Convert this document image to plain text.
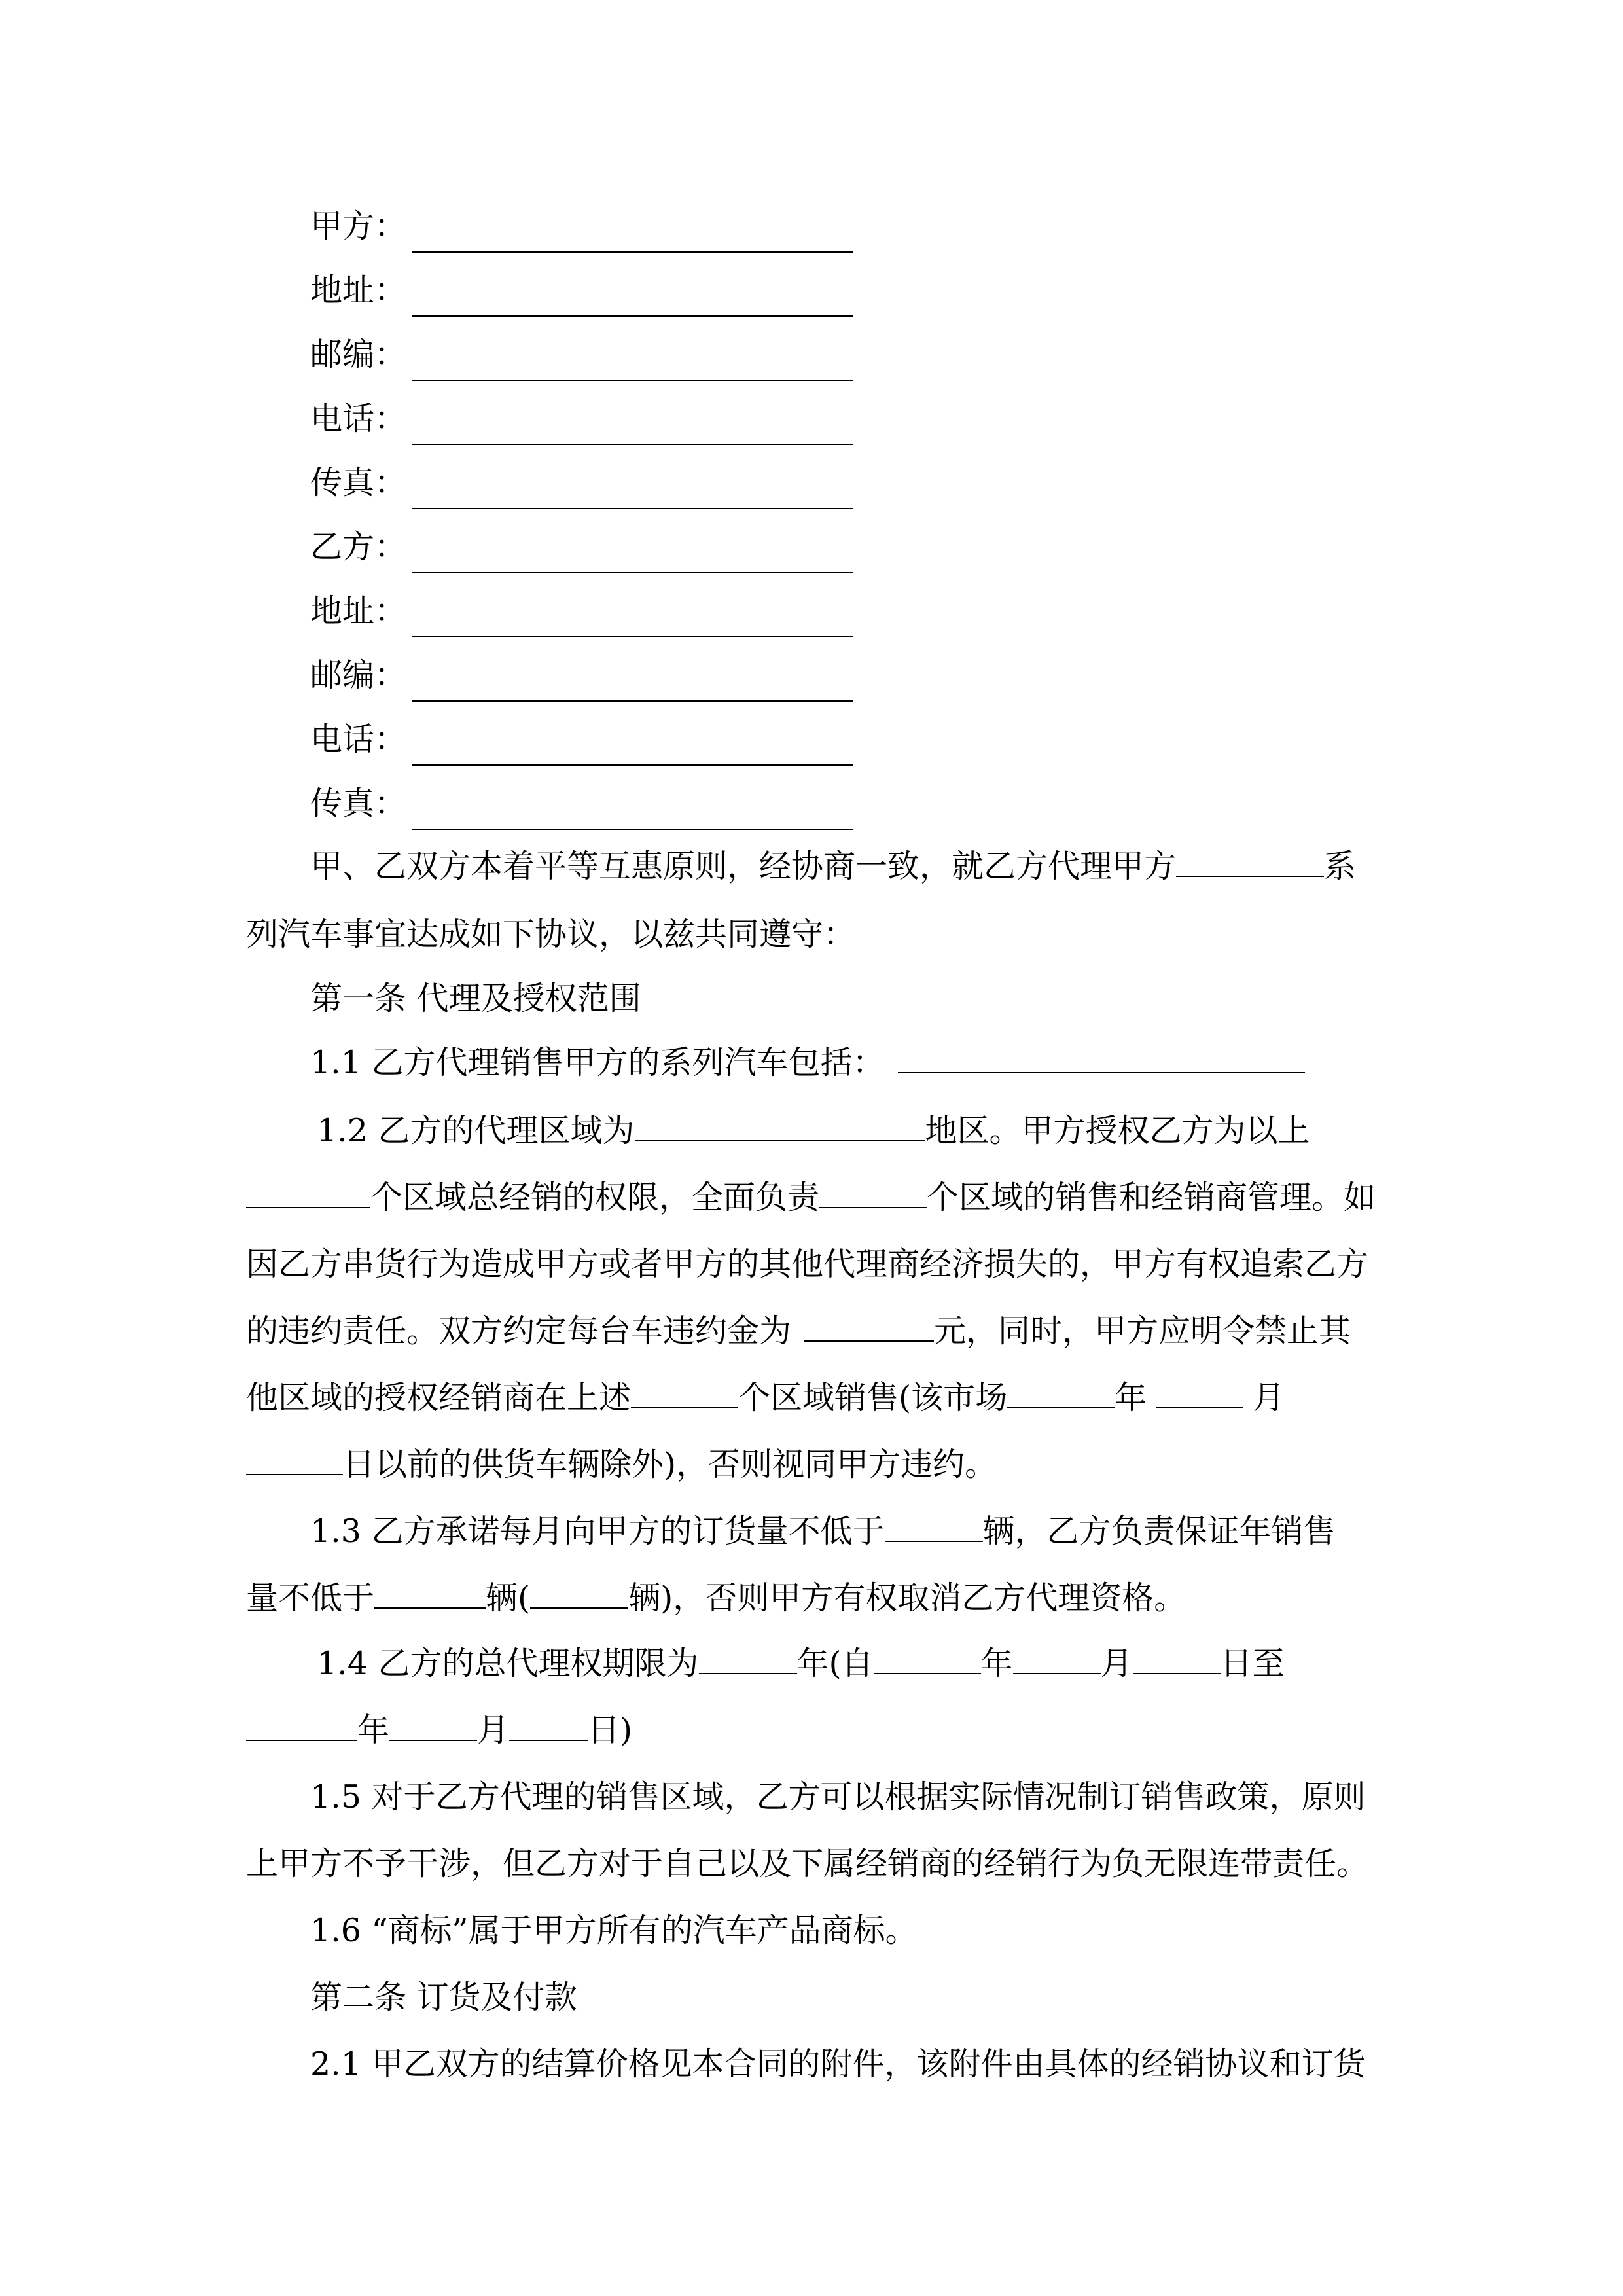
甲方：
地址：
邮编：
电话：
传真：
乙方：
地址：
邮编：
电话：
传真：
甲、乙双方本着平等互惠原则，经协商一致，就乙方代理甲方	系
列汽车事宜达成如下协议，以兹共同遵守：
第一条 代理及授权范围
1.1 乙方代理销售甲方的系列汽车包括：
1.2 乙方的代理区域为	地区。甲方授权乙方为以上
个区域总经销的权限，全面负责	个区域的销售和经销商管理。如
因乙方串货行为造成甲方或者甲方的其他代理商经济损失的，甲方有权追索乙方
的违约责任。双方约定每台车违约金为	元，同时，甲方应明令禁止其
他区域的授权经销商在上述	个区域销售(该市场	年	月
日以前的供货车辆除外)，否则视同甲方违约。
1.3 乙方承诺每月向甲方的订货量不低于	辆，乙方负责保证年销售
量不低于	辆(	辆)，否则甲方有权取消乙方代理资格。
1.4 乙方的总代理权期限为	年(自	年	月	日至
年	月 日)
1.5 对于乙方代理的销售区域，乙方可以根据实际情况制订销售政策，原则
上甲方不予干涉，但乙方对于自己以及下属经销商的经销行为负无限连带责任。
1.6 “商标”属于甲方所有的汽车产品商标。
第二条 订货及付款
2.1 甲乙双方的结算价格见本合同的附件，该附件由具体的经销协议和订货
